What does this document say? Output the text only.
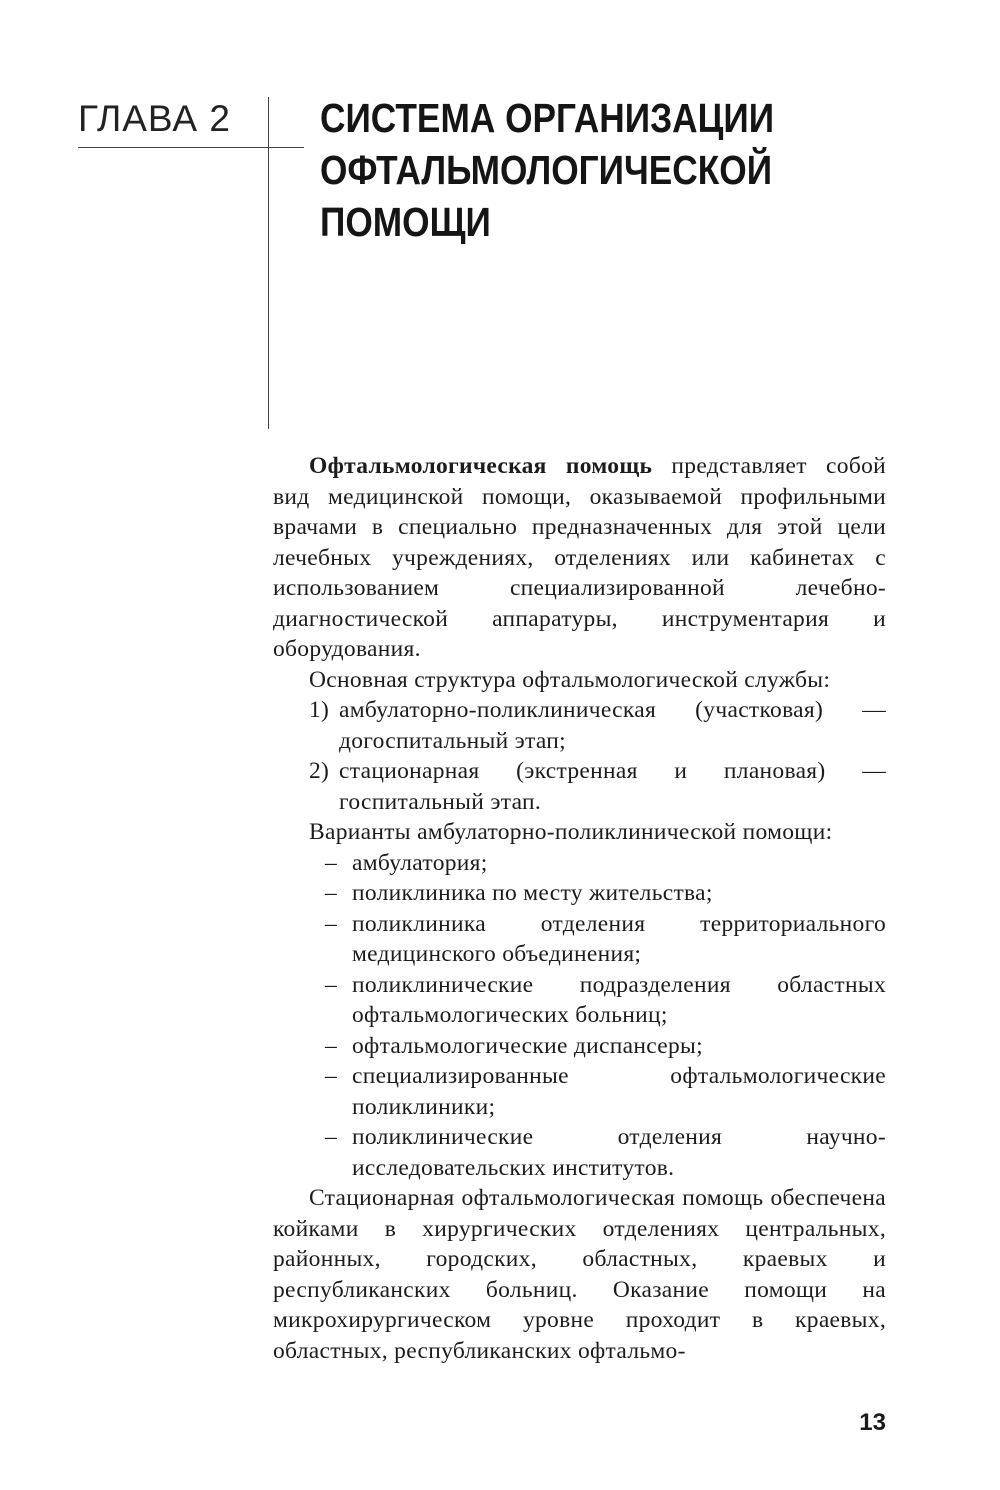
ГЛАВА 2 СИСТЕМА ОРГАНИЗАЦИИ
ОФТАЛЬМОЛОГИЧЕСКОЙ
ПОМОЩИ

Офтальмологическая помощь представляет собой вид медицинской помощи, оказываемой профильными врачами в специально предназначенных для этой цели лечебных учреждениях, отделениях или кабинетах с использованием специализированной лечебно-диагностической аппаратуры, инструментария и оборудования.

Основная структура офтальмологической службы:

1) амбулаторно-поликлиническая (участковая) — догоспитальный этап;
2) стационарная (экстренная и плановая) — госпитальный этап.

Варианты амбулаторно-поликлинической помощи:

– амбулатория;
– поликлиника по месту жительства;
– поликлиника отделения территориального медицинского объединения;
– поликлинические подразделения областных офтальмологических больниц;
– офтальмологические диспансеры;
– специализированные офтальмологические поликлиники;
– поликлинические отделения научно-исследовательских институтов.

Стационарная офтальмологическая помощь обеспечена койками в хирургических отделениях центральных, районных, городских, областных, краевых и республиканских больниц. Оказание помощи на микрохирургическом уровне проходит в краевых, областных, республиканских офтальмо-

13
